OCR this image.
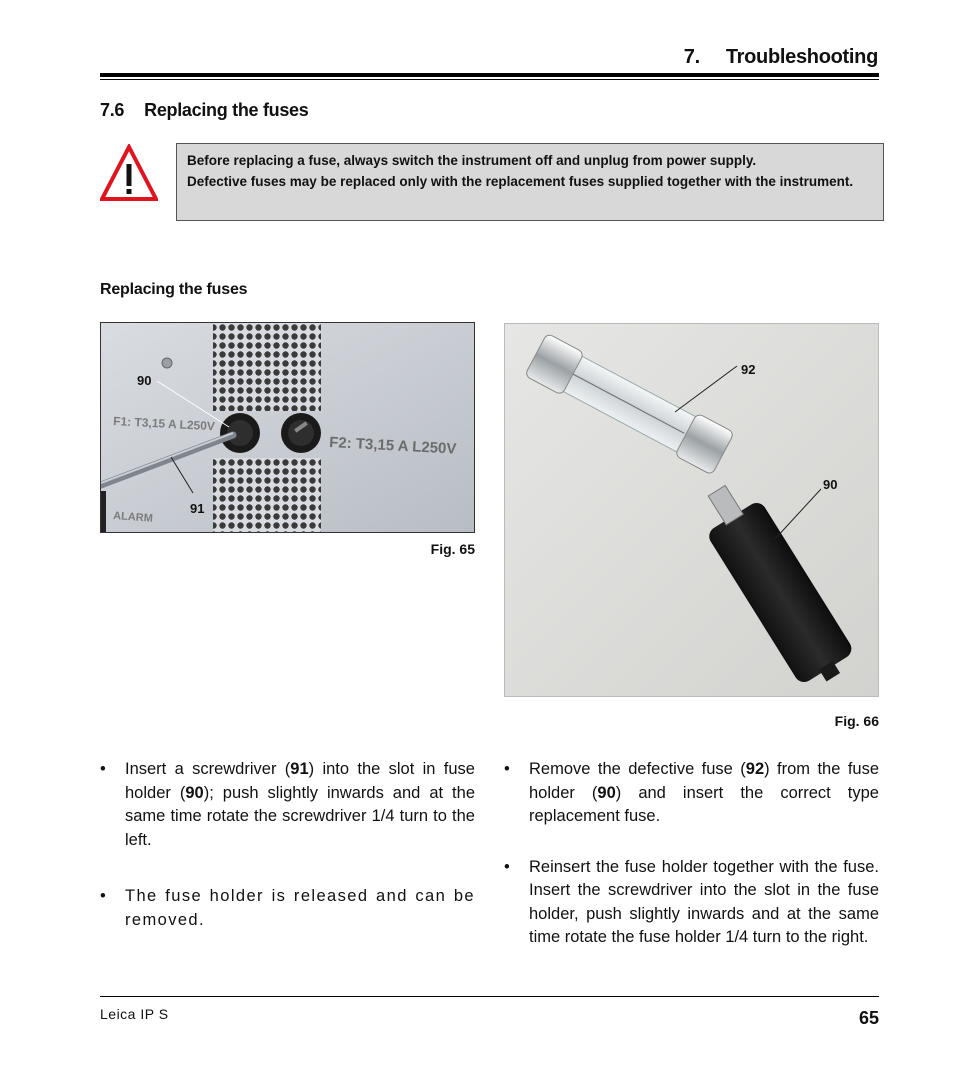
7. Troubleshooting
7.6 Replacing the fuses

Before replacing a fuse, always switch the instrument off and unplug from power supply.

Defective fuses may be replaced only with the replacement fuses supplied together with the instrument.

Replacing the fuses
F1: T3,15 A L250V
F2: T3,15 A L250V
ALARM
90
91
Fig. 65
92
90
Fig. 66
• Insert a screwdriver (91) into the slot in fuse holder (90); push slightly inwards and at the same time rotate the screwdriver 1/4 turn to the left.
• The fuse holder is released and can be removed.
• Remove the defective fuse (92) from the fuse holder (90) and insert the correct type replacement fuse.
• Reinsert the fuse holder together with the fuse. Insert the screwdriver into the slot in the fuse holder, push slightly inwards and at the same time rotate the fuse holder 1/4 turn to the right.
Leica IP S	65
